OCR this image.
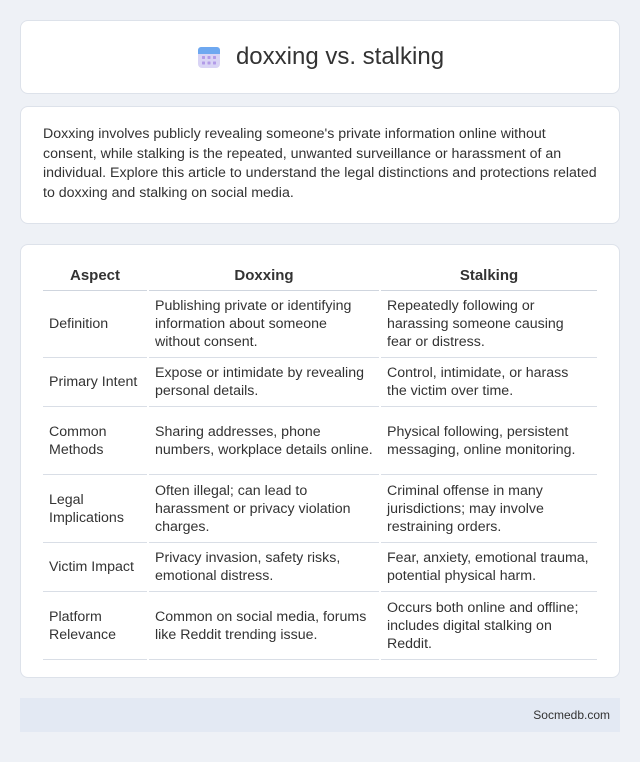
doxxing vs. stalking

Doxxing involves publicly revealing someone's private information online without consent, while stalking is the repeated, unwanted surveillance or harassment of an individual. Explore this article to understand the legal distinctions and protections related to doxxing and stalking on social media.

Aspect	Doxxing	Stalking
Definition	Publishing private or identifying information about someone without consent.	Repeatedly following or harassing someone causing fear or distress.
Primary Intent	Expose or intimidate by revealing personal details.	Control, intimidate, or harass the victim over time.
Common Methods	Sharing addresses, phone numbers, workplace details online.	Physical following, persistent messaging, online monitoring.
Legal Implications	Often illegal; can lead to harassment or privacy violation charges.	Criminal offense in many jurisdictions; may involve restraining orders.
Victim Impact	Privacy invasion, safety risks, emotional distress.	Fear, anxiety, emotional trauma, potential physical harm.
Platform Relevance	Common on social media, forums like Reddit trending issue.	Occurs both online and offline; includes digital stalking on Reddit.
Socmedb.com
